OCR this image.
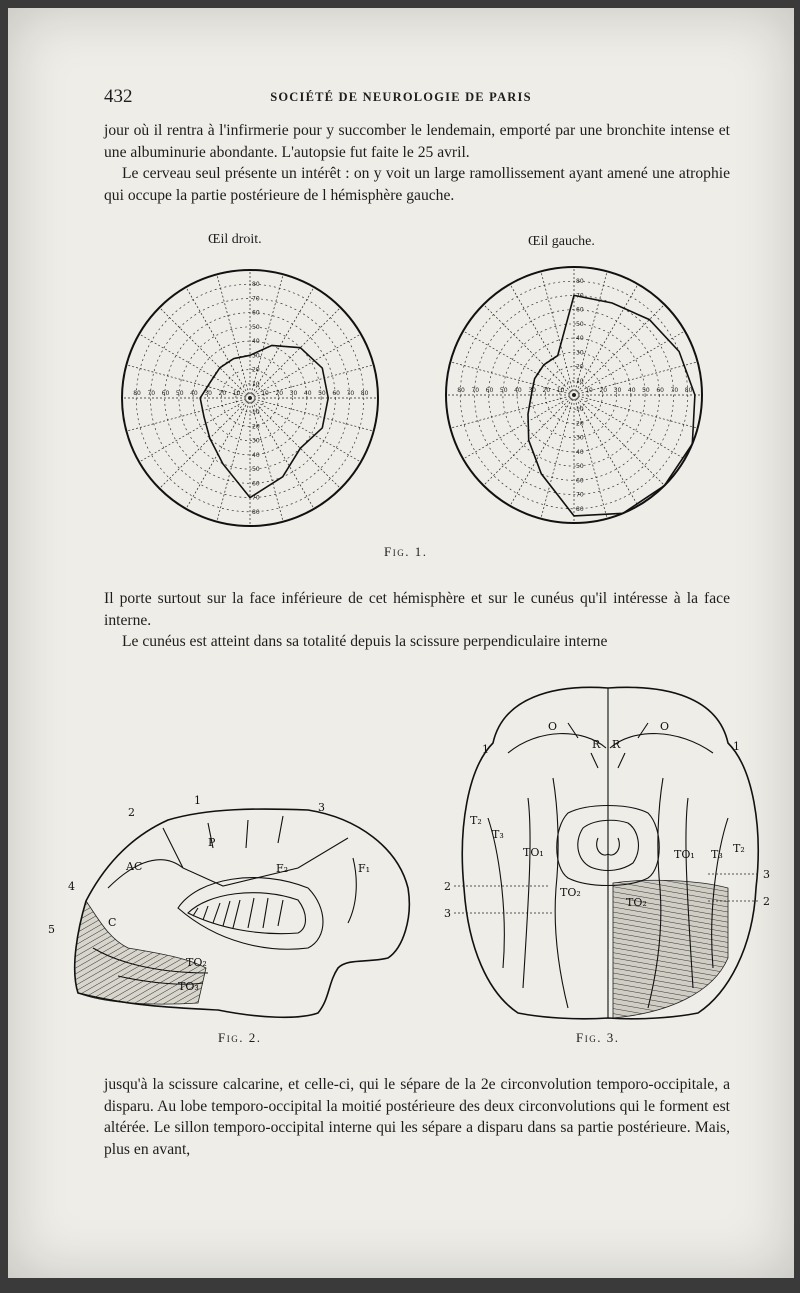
432	SOCIÉTÉ DE NEUROLOGIE DE PARIS
jour où il rentra à l'infirmerie pour y succomber le lendemain, emporté par une bronchite intense et une albuminurie abondante. L'autopsie fut faite le 25 avril.
Le cerveau seul présente un intérêt : on y voit un large ramollissement ayant amené une atrophie qui occupe la partie postérieure de l hémisphère gauche.
Œil droit.	Œil gauche.
10
10
10
10
20
20
20
20
30
30
30
30
40
40
40
40
50
50
50
50
60
60
60
60
70
70
70
70
80
80
80
80
10
10
10
10
20
20
20
20
30
30
30
30
40
40
40
40
50
50
50
50
60
60
60
60
70
70
70
70
80
80
80
80
Fig. 1.
Il porte surtout sur la face inférieure de cet hémisphère et sur le cunéus qu'il intéresse à la face interne.
Le cunéus est atteint dans sa totalité depuis la scissure perpendiculaire interne
1
2	3
4
5
P
AC	F₂	F₁
C
TO₂
TO₃
O	O
R R
1	1
T₂
T₃
TO₁
TO₂
TO₁ T₃ T₂
TO₂
2
3
3
2
Fig. 2.	Fig. 3.
jusqu'à la scissure calcarine, et celle-ci, qui le sépare de la 2e circonvolution temporo-occipitale, a disparu. Au lobe temporo-occipital la moitié postérieure des deux circonvolutions qui le forment est altérée. Le sillon temporo-occipital interne qui les sépare a disparu dans sa partie postérieure. Mais, plus en avant,
